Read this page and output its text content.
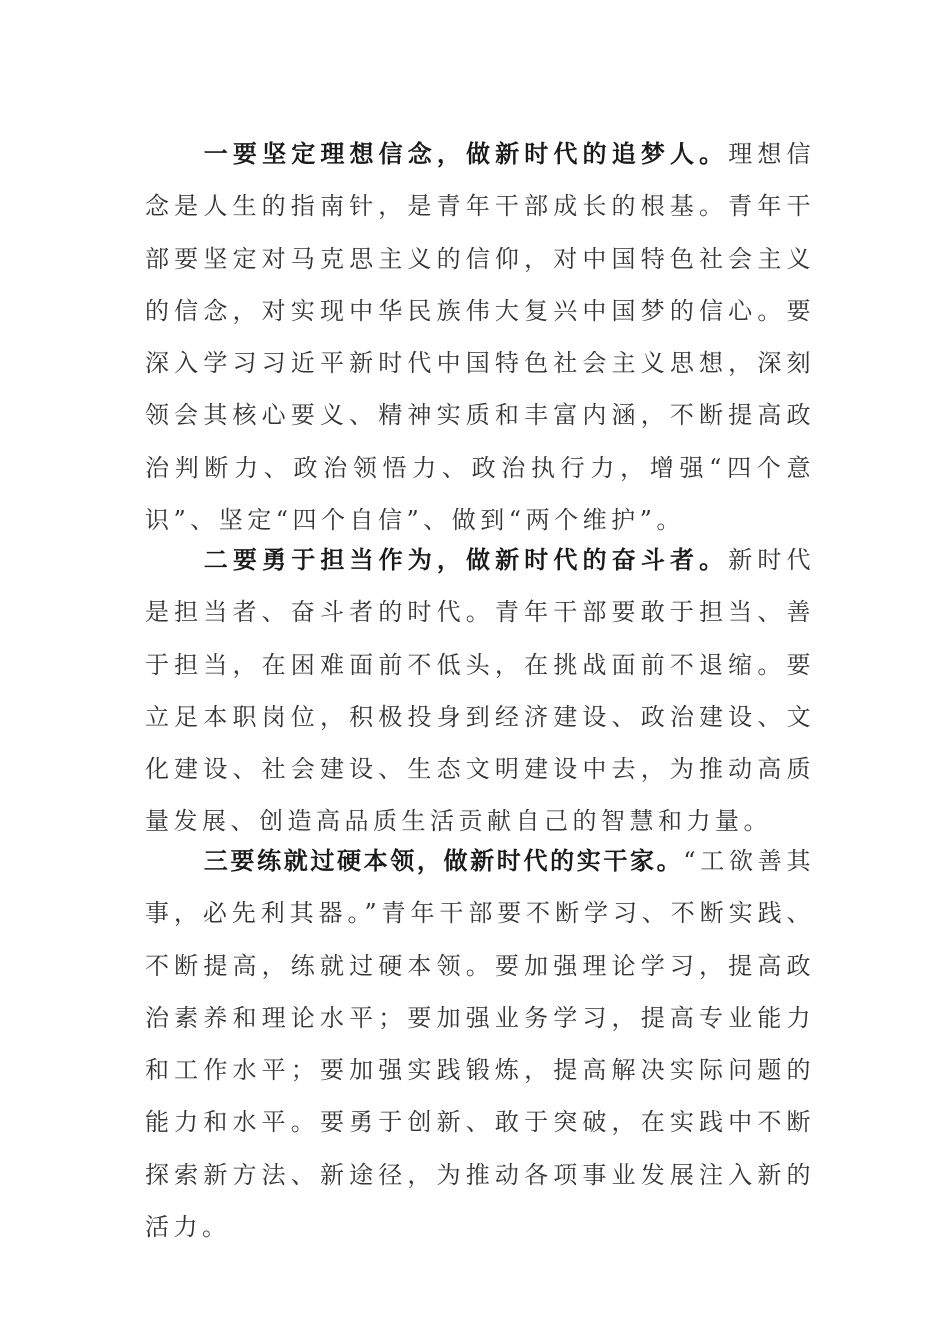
一要坚定理想信念，做新时代的追梦人。理想信念是人生的指南针，是青年干部成长的根基。青年干部要坚定对马克思主义的信仰，对中国特色社会主义的信念，对实现中华民族伟大复兴中国梦的信心。要深入学习习近平新时代中国特色社会主义思想，深刻领会其核心要义、精神实质和丰富内涵，不断提高政治判断力、政治领悟力、政治执行力，增强“四个意识”、坚定“四个自信”、做到“两个维护”。

二要勇于担当作为，做新时代的奋斗者。新时代是担当者、奋斗者的时代。青年干部要敢于担当、善于担当，在困难面前不低头，在挑战面前不退缩。要立足本职岗位，积极投身到经济建设、政治建设、文化建设、社会建设、生态文明建设中去，为推动高质量发展、创造高品质生活贡献自己的智慧和力量。

三要练就过硬本领，做新时代的实干家。“工欲善其事，必先利其器。”青年干部要不断学习、不断实践、不断提高，练就过硬本领。要加强理论学习，提高政治素养和理论水平；要加强业务学习，提高专业能力和工作水平；要加强实践锻炼，提高解决实际问题的能力和水平。要勇于创新、敢于突破，在实践中不断探索新方法、新途径，为推动各项事业发展注入新的活力。
